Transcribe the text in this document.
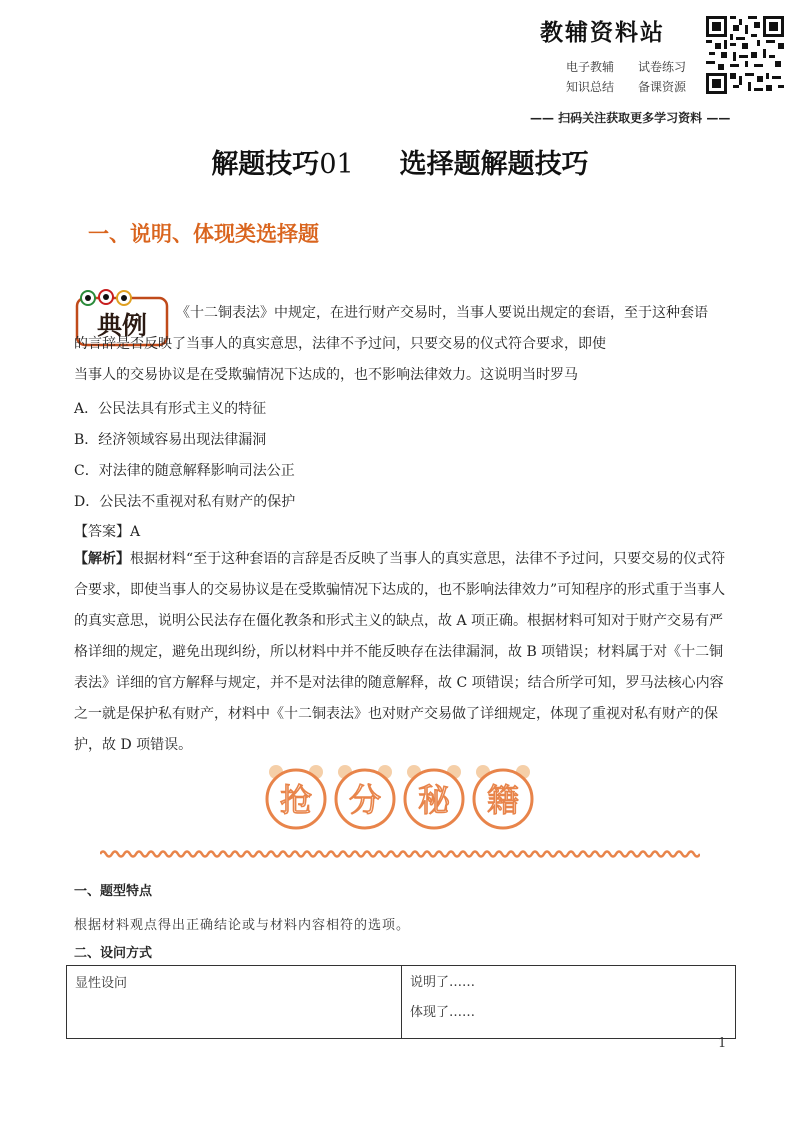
教辅资料站
电子教辅 试卷练习
知识总结 备课资源
—— 扫码关注获取更多学习资料 ——
解题技巧01 选择题解题技巧
一、说明、体现类选择题
典例 《十二铜表法》中规定，在进行财产交易时，当事人要说出规定的套语，至于这种套语
的言辞是否反映了当事人的真实意思，法律不予过问，只要交易的仪式符合要求，即使
当事人的交易协议是在受欺骗情况下达成的，也不影响法律效力。这说明当时罗马
A．公民法具有形式主义的特征
B．经济领域容易出现法律漏洞
C．对法律的随意解释影响司法公正
D．公民法不重视对私有财产的保护
【答案】A
【解析】根据材料“至于这种套语的言辞是否反映了当事人的真实意思，法律不予过问，只要交易的仪式符合要求，即使当事人的交易协议是在受欺骗情况下达成的，也不影响法律效力”可知程序的形式重于当事人的真实意思，说明公民法存在僵化教条和形式主义的缺点，故 A 项正确。根据材料可知对于财产交易有严格详细的规定，避免出现纠纷，所以材料中并不能反映存在法律漏洞，故 B 项错误；材料属于对《十二铜表法》详细的官方解释与规定，并不是对法律的随意解释，故 C 项错误；结合所学可知，罗马法核心内容之一就是保护私有财产，材料中《十二铜表法》也对财产交易做了详细规定，体现了重视对私有财产的保护，故 D 项错误。
抢 分 秘 籍
一、题型特点
根据材料观点得出正确结论或与材料内容相符的选项。
二、设问方式
显性设问	说明了……
体现了……
1
